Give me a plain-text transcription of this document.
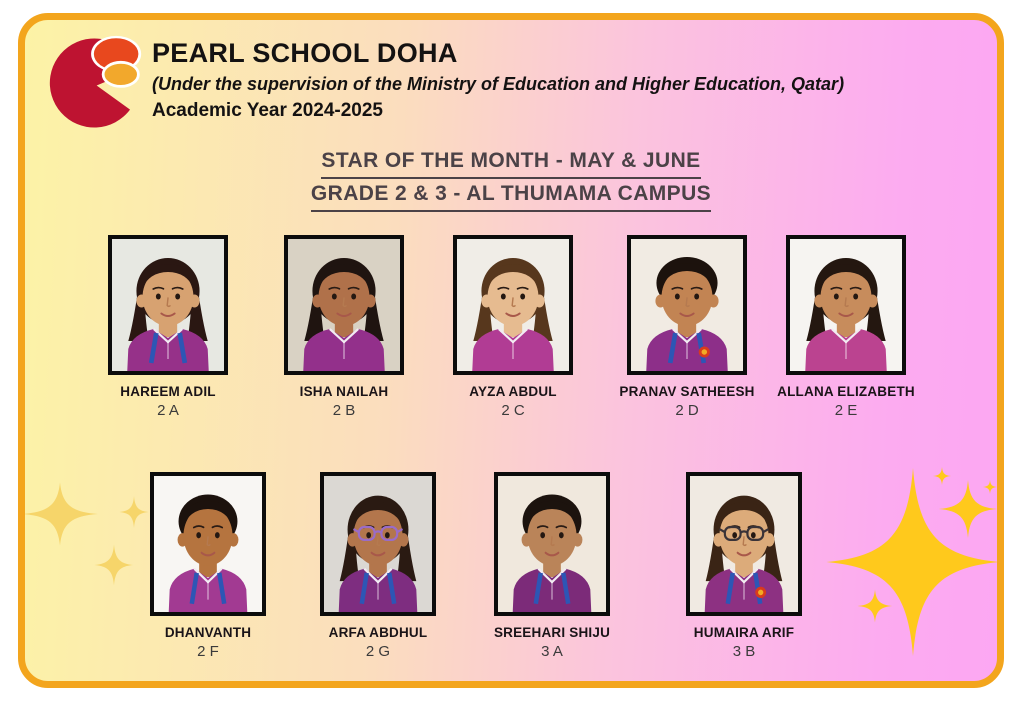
PEARL SCHOOL DOHA
(Under the supervision of the Ministry of Education and Higher Education, Qatar)
Academic Year 2024-2025
STAR OF THE MONTH - MAY & JUNE
GRADE 2 & 3 - AL THUMAMA CAMPUS
HAREEM ADIL
2 A
ISHA NAILAH
2 B
AYZA ABDUL
2 C
PRANAV SATHEESH
2 D
ALLANA ELIZABETH
2 E
DHANVANTH
2 F
ARFA ABDHUL
2 G
SREEHARI SHIJU
3 A
HUMAIRA ARIF
3 B
